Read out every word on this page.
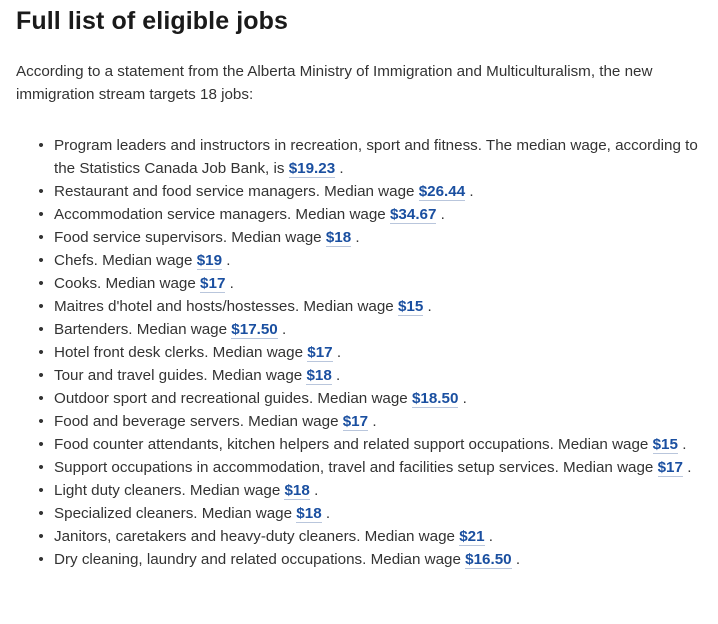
Full list of eligible jobs

According to a statement from the Alberta Ministry of Immigration and Multiculturalism, the new immigration stream targets 18 jobs:

• Program leaders and instructors in recreation, sport and fitness. The median wage, according to the Statistics Canada Job Bank, is $19.23 .
• Restaurant and food service managers. Median wage $26.44 .
• Accommodation service managers. Median wage $34.67 .
• Food service supervisors. Median wage $18 .
• Chefs. Median wage $19 .
• Cooks. Median wage $17 .
• Maitres d'hotel and hosts/hostesses. Median wage $15 .
• Bartenders. Median wage $17.50 .
• Hotel front desk clerks. Median wage $17 .
• Tour and travel guides. Median wage $18 .
• Outdoor sport and recreational guides. Median wage $18.50 .
• Food and beverage servers. Median wage $17 .
• Food counter attendants, kitchen helpers and related support occupations. Median wage $15 .
• Support occupations in accommodation, travel and facilities setup services. Median wage $17 .
• Light duty cleaners. Median wage $18 .
• Specialized cleaners. Median wage $18 .
• Janitors, caretakers and heavy-duty cleaners. Median wage $21 .
• Dry cleaning, laundry and related occupations. Median wage $16.50 .
